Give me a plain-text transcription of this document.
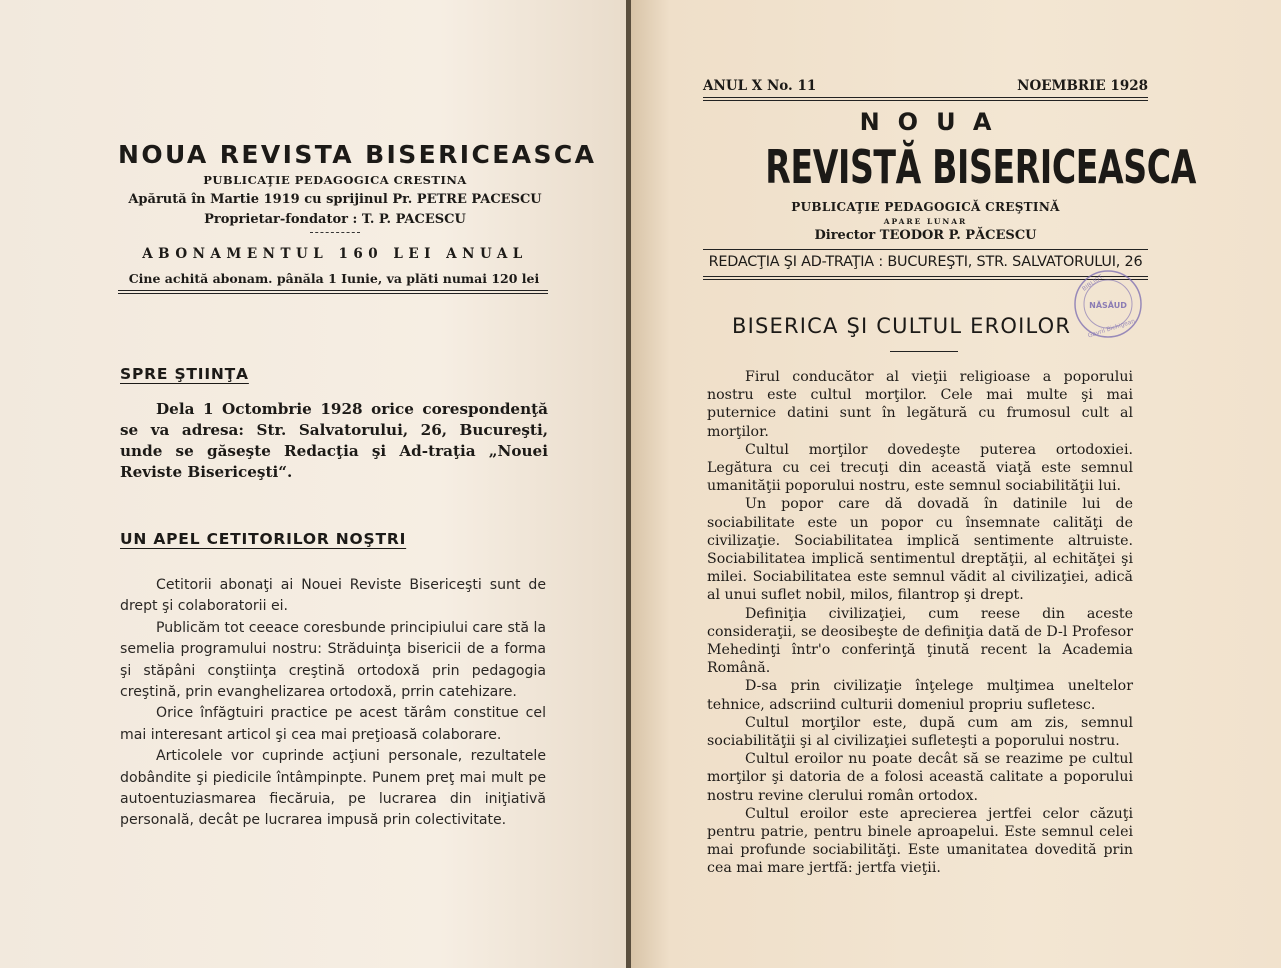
NOUA REVISTA BISERICEASCA
PUBLICAŢIE PEDAGOGICA CRESTINA
Apărută în Martie 1919 cu sprijinul Pr. PETRE PACESCU
Proprietar-fondator : T. P. PACESCU
ABONAMENTUL 160 LEI ANUAL
Cine achită abonam. pânăla 1 Iunie, va plăti numai 120 lei
SPRE ŞTIINŢA

Dela 1 Octombrie 1928 orice corespondenţă se va adresa: Str. Salvatorului, 26, Bucureşti, unde se găseşte Redacţia şi Ad-traţia „Nouei Reviste Bisericeşti“.

UN APEL CETITORILOR NOŞTRI

Cetitorii abonaţi ai Nouei Reviste Bisericeşti sunt de drept şi colaboratorii ei.

Publicăm tot ceeace coresbunde principiului care stă la semelia programului nostru: Străduinţa bisericii de a forma şi stăpâni conştiinţa creştină ortodoxă prin pedagogia creştină, prin evanghelizarea ortodoxă, prrin catehizare.

Orice înfăgtuiri practice pe acest tărâm constitue cel mai interesant articol şi cea mai preţioasă colaborare.

Articolele vor cuprinde acţiuni personale, rezultatele dobândite şi piedicile întâmpinpte. Punem preţ mai mult pe autoentuziasmarea fiecăruia, pe lucrarea din iniţiativă personală, decât pe lucrarea impusă prin colectivitate.

ANUL X No. 11	NOEMBRIE 1928
NOUA
REVISTĂ BISERICEASCA
PUBLICAŢIE PEDAGOGICĂ CREŞTINĂ
APARE LUNAR
Director TEODOR P. PĂCESCU
REDACŢIA ŞI AD-TRAŢIA : BUCUREŞTI, STR. SALVATORULUI, 26
NĂSĂUD
Gavril Bichigean
BIBLIOT.
BISERICA ŞI CULTUL EROILOR

Firul conducător al vieţii religioase a poporului nostru este cultul morţilor. Cele mai multe şi mai puternice datini sunt în legătură cu frumosul cult al morţilor.

Cultul morţilor dovedeşte puterea ortodoxiei. Legătura cu cei trecuţi din această viaţă este semnul umanităţii poporului nostru, este semnul sociabilităţii lui.

Un popor care dă dovadă în datinile lui de sociabilitate este un popor cu însemnate calităţi de civilizaţie. Sociabilitatea implică sentimente altruiste. Sociabilitatea implică sentimentul dreptăţii, al echităţei şi milei. Sociabilitatea este semnul vădit al civilizaţiei, adică al unui suflet nobil, milos, filantrop şi drept.

Definiţia civilizaţiei, cum reese din aceste consideraţii, se deosibeşte de definiţia dată de D-l Profesor Mehedinţi într'o conferinţă ţinută recent la Academia Română.

D-sa prin civilizaţie înţelege mulţimea uneltelor tehnice, adscriind culturii domeniul propriu sufletesc.

Cultul morţilor este, după cum am zis, semnul sociabilităţii şi al civilizaţiei sufleteşti a poporului nostru.

Cultul eroilor nu poate decât să se reazime pe cultul morţilor şi datoria de a folosi această calitate a poporului nostru revine clerului român ortodox.

Cultul eroilor este aprecierea jertfei celor căzuţi pentru patrie, pentru binele aproapelui. Este semnul celei mai profunde sociabilităţi. Este umanitatea dovedită prin cea mai mare jertfă: jertfa vieţii.
